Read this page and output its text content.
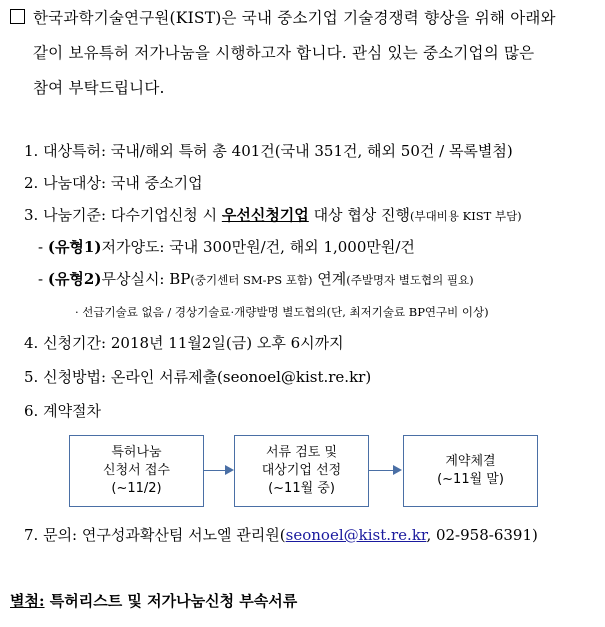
한국과학기술연구원(KIST)은 국내 중소기업 기술경쟁력 향상을 위해 아래와
같이 보유특허 저가나눔을 시행하고자 합니다. 관심 있는 중소기업의 많은
참여 부탁드립니다.
1. 대상특허: 국내/해외 특허 총 401건(국내 351건, 해외 50건 / 목록별첨)
2. 나눔대상: 국내 중소기업
3. 나눔기준: 다수기업신청 시 우선신청기업 대상 협상 진행(부대비용 KIST 부담)
- (유형1)저가양도: 국내 300만원/건, 해외 1,000만원/건
- (유형2)무상실시: BP(중기센터 SM-PS 포함) 연계(주발명자 별도협의 필요)
· 선급기술료 없음 / 경상기술료·개량발명 별도협의(단, 최저기술료 BP연구비 이상)
4. 신청기간: 2018년 11월2일(금) 오후 6시까지
5. 신청방법: 온라인 서류제출(seonoel@kist.re.kr)
6. 계약절차
특허나눔
신청서 접수
(~11/2)
서류 검토 및
대상기업 선정
(~11월 중)
계약체결
(~11월 말)
7. 문의: 연구성과확산팀 서노엘 관리원(seonoel@kist.re.kr, 02-958-6391)
별첨: 특허리스트 및 저가나눔신청 부속서류
